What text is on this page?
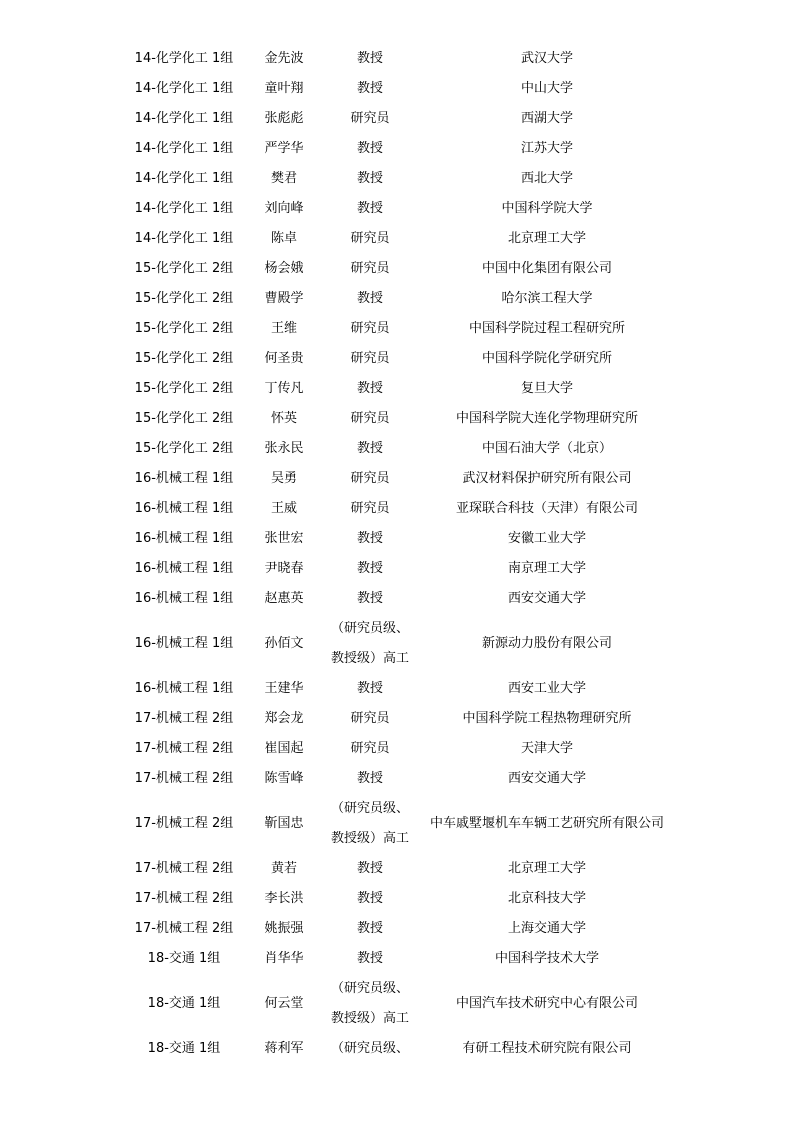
14-化学化工 1组	金先波	教授	武汉大学
14-化学化工 1组	童叶翔	教授	中山大学
14-化学化工 1组	张彪彪	研究员	西湖大学
14-化学化工 1组	严学华	教授	江苏大学
14-化学化工 1组	樊君	教授	西北大学
14-化学化工 1组	刘向峰	教授	中国科学院大学
14-化学化工 1组	陈卓	研究员	北京理工大学
15-化学化工 2组	杨会娥	研究员	中国中化集团有限公司
15-化学化工 2组	曹殿学	教授	哈尔滨工程大学
15-化学化工 2组	王维	研究员	中国科学院过程工程研究所
15-化学化工 2组	何圣贵	研究员	中国科学院化学研究所
15-化学化工 2组	丁传凡	教授	复旦大学
15-化学化工 2组	怀英	研究员	中国科学院大连化学物理研究所
15-化学化工 2组	张永民	教授	中国石油大学（北京）
16-机械工程 1组	吴勇	研究员	武汉材料保护研究所有限公司
16-机械工程 1组	王威	研究员	亚琛联合科技（天津）有限公司
16-机械工程 1组	张世宏	教授	安徽工业大学
16-机械工程 1组	尹晓春	教授	南京理工大学
16-机械工程 1组	赵惠英	教授	西安交通大学
16-机械工程 1组	孙佰文	（研究员级、
教授级）高工	新源动力股份有限公司
16-机械工程 1组	王建华	教授	西安工业大学
17-机械工程 2组	郑会龙	研究员	中国科学院工程热物理研究所
17-机械工程 2组	崔国起	研究员	天津大学
17-机械工程 2组	陈雪峰	教授	西安交通大学
17-机械工程 2组	靳国忠	（研究员级、
教授级）高工	中车戚墅堰机车车辆工艺研究所有限公司
17-机械工程 2组	黄若	教授	北京理工大学
17-机械工程 2组	李长洪	教授	北京科技大学
17-机械工程 2组	姚振强	教授	上海交通大学
18-交通 1组	肖华华	教授	中国科学技术大学
18-交通 1组	何云堂	（研究员级、
教授级）高工	中国汽车技术研究中心有限公司
18-交通 1组	蒋利军	（研究员级、	有研工程技术研究院有限公司
